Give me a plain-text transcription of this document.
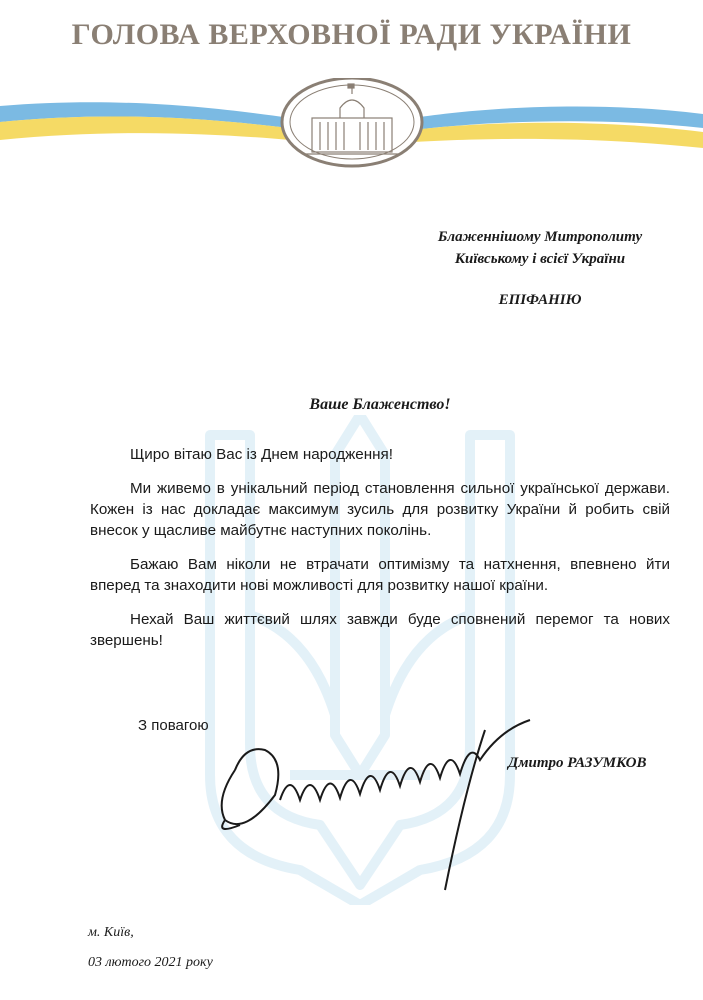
ГОЛОВА ВЕРХОВНОЇ РАДИ УКРАЇНИ
Блаженнішому Митрополиту
Київському і всієї України
ЕПІФАНІЮ
Ваше Блаженство!

Щиро вітаю Вас із Днем народження!

Ми живемо в унікальний період становлення сильної української держави. Кожен із нас докладає максимум зусиль для розвитку України й робить свій внесок у щасливе майбутнє наступних поколінь.

Бажаю Вам ніколи не втрачати оптимізму та натхнення, впевнено йти вперед та знаходити нові можливості для розвитку нашої країни.

Нехай Ваш життєвий шлях завжди буде сповнений перемог та нових звершень!

З повагою
Дмитро РАЗУМКОВ
м. Київ,
03 лютого 2021 року
